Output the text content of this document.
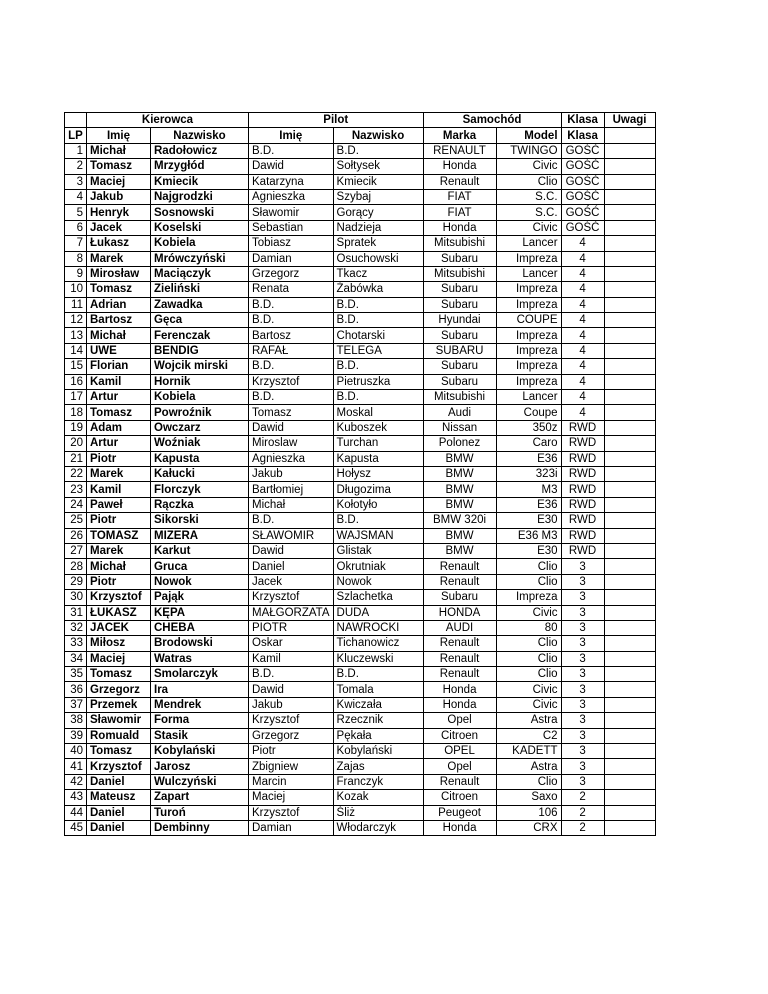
	Kierowca		Pilot		Samochód		Klasa	Uwagi
LP	Imię	Nazwisko	Imię	Nazwisko	Marka	Model	Klasa	
1	Michał	Radołowicz	B.D.	B.D.	RENAULT	TWINGO	GOŚĆ	
2	Tomasz	Mrzygłód	Dawid	Sołtysek	Honda	Civic	GOŚĆ	
3	Maciej	Kmiecik	Katarzyna	Kmiecik	Renault	Clio	GOŚĆ	
4	Jakub	Najgrodzki	Agnieszka	Szybaj	FIAT	S.C.	GOŚĆ	
5	Henryk	Sosnowski	Sławomir	Gorący	FIAT	S.C.	GOŚĆ	
6	Jacek	Koselski	Sebastian	Nadzieja	Honda	Civic	GOŚĆ	
7	Łukasz	Kobiela	Tobiasz	Spratek	Mitsubishi	Lancer	4	
8	Marek	Mrówczyński	Damian	Osuchowski	Subaru	Impreza	4	
9	Mirosław	Maciączyk	Grzegorz	Tkacz	Mitsubishi	Lancer	4	
10	Tomasz	Zieliński	Renata	Żabówka	Subaru	Impreza	4	
11	Adrian	Zawadka	B.D.	B.D.	Subaru	Impreza	4	
12	Bartosz	Gęca	B.D.	B.D.	Hyundai	COUPE	4	
13	Michał	Ferenczak	Bartosz	Chotarski	Subaru	Impreza	4	
14	UWE	BENDIG	RAFAŁ	TELEGA	SUBARU	Impreza	4	
15	Florian	Wojcik mirski	B.D.	B.D.	Subaru	Impreza	4	
16	Kamil	Hornik	Krzysztof	Pietruszka	Subaru	Impreza	4	
17	Artur	Kobiela	B.D.	B.D.	Mitsubishi	Lancer	4	
18	Tomasz	Powroźnik	Tomasz	Moskal	Audi	Coupe	4	
19	Adam	Owczarz	Dawid	Kuboszek	Nissan	350z	RWD	
20	Artur	Woźniak	Miroslaw	Turchan	Polonez	Caro	RWD	
21	Piotr	Kapusta	Agnieszka	Kapusta	BMW	E36	RWD	
22	Marek	Kałucki	Jakub	Hołysz	BMW	323i	RWD	
23	Kamil	Florczyk	Bartłomiej	Długozima	BMW	M3	RWD	
24	Paweł	Rączka	Michał	Kołotyło	BMW	E36	RWD	
25	Piotr	Sikorski	B.D.	B.D.	BMW 320i	E30	RWD	
26	TOMASZ	MIZERA	SŁAWOMIR	WAJSMAN	BMW	E36 M3	RWD	
27	Marek	Karkut	Dawid	Glistak	BMW	E30	RWD	
28	Michał	Gruca	Daniel	Okrutniak	Renault	Clio	3	
29	Piotr	Nowok	Jacek	Nowok	Renault	Clio	3	
30	Krzysztof	Pająk	Krzysztof	Szlachetka	Subaru	Impreza	3	
31	ŁUKASZ	KĘPA	MAŁGORZATA	DUDA	HONDA	Civic	3	
32	JACEK	CHEBA	PIOTR	NAWROCKI	AUDI	80	3	
33	Miłosz	Brodowski	Oskar	Tichanowicz	Renault	Clio	3	
34	Maciej	Watras	Kamil	Kluczewski	Renault	Clio	3	
35	Tomasz	Smolarczyk	B.D.	B.D.	Renault	Clio	3	
36	Grzegorz	Ira	Dawid	Tomala	Honda	Civic	3	
37	Przemek	Mendrek	Jakub	Kwiczała	Honda	Civic	3	
38	Sławomir	Forma	Krzysztof	Rzecznik	Opel	Astra	3	
39	Romuald	Stasik	Grzegorz	Pękała	Citroen	C2	3	
40	Tomasz	Kobylański	Piotr	Kobylański	OPEL	KADETT	3	
41	Krzysztof	Jarosz	Zbigniew	Zajas	Opel	Astra	3	
42	Daniel	Wulczyński	Marcin	Franczyk	Renault	Clio	3	
43	Mateusz	Zapart	Maciej	Kozak	Citroen	Saxo	2	
44	Daniel	Turoń	Krzysztof	Śliż	Peugeot	106	2	
45	Daniel	Dembinny	Damian	Włodarczyk	Honda	CRX	2	
